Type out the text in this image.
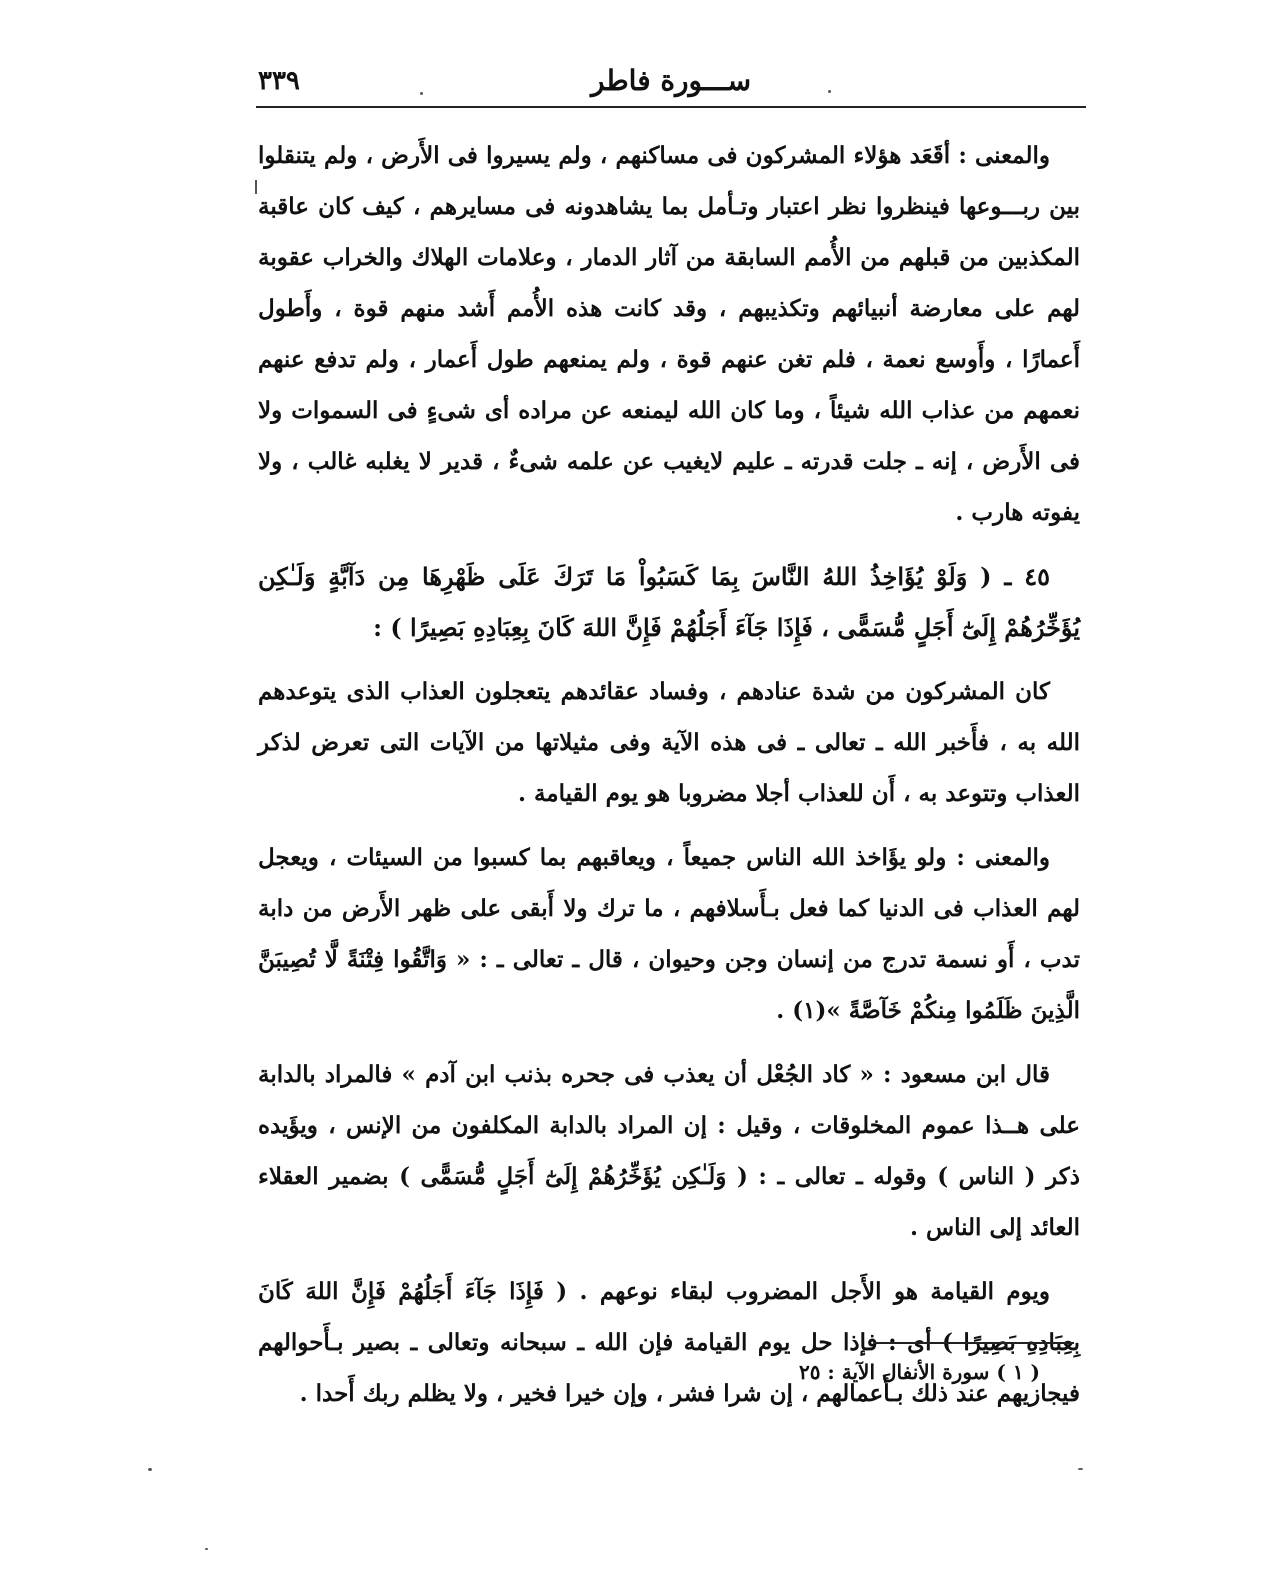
٣٣٩	ســـورة فاطر

والمعنى : أقَعَد هؤلاء المشركون فى مساكنهم ، ولم يسيروا فى الأَرض ، ولم يتنقلوا بين ربـــوعها فينظروا نظر اعتبار وتـأمل بما يشاهدونه فى مسايرهم ، كيف كان عاقبة المكذبين من قبلهم من الأُمم السابقة من آثار الدمار ، وعلامات الهلاك والخراب عقوبة لهم على معارضة أنبيائهم وتكذيبهم ، وقد كانت هذه الأُمم أَشد منهم قوة ، وأَطول أَعمارًا ، وأَوسع نعمة ، فلم تغن عنهم قوة ، ولم يمنعهم طول أَعمار ، ولم تدفع عنهم نعمهم من عذاب الله شيئاً ، وما كان الله ليمنعه عن مراده أى شىءٍ فى السموات ولا فى الأَرض ، إنه ـ جلت قدرته ـ عليم لايغيب عن علمه شىءٌ ، قدير لا يغلبه غالب ، ولا يفوته هارب .

٤٥ ـ ( وَلَوْ يُؤَاخِذُ اللهُ النَّاسَ بِمَا كَسَبُواْ مَا تَرَكَ عَلَى ظَهْرِهَا مِن دَآبَّةٍ وَلَـٰكِن يُؤَخِّرُهُمْ إِلَىٰٓ أَجَلٍ مُّسَمًّى ، فَإِذَا جَآءَ أَجَلُهُمْ فَإِنَّ اللهَ كَانَ بِعِبَادِهِ بَصِيرًا ) :

كان المشركون من شدة عنادهم ، وفساد عقائدهم يتعجلون العذاب الذى يتوعدهم الله به ، فأَخبر الله ـ تعالى ـ فى هذه الآية وفى مثيلاتها من الآيات التى تعرض لذكر العذاب وتتوعد به ، أَن للعذاب أجلا مضروبا هو يوم القيامة .

والمعنى : ولو يؤَاخذ الله الناس جميعاً ، ويعاقبهم بما كسبوا من السيئات ، ويعجل لهم العذاب فى الدنيا كما فعل بـأَسلافهم ، ما ترك ولا أَبقى على ظهر الأَرض من دابة تدب ، أَو نسمة تدرج من إنسان وجن وحيوان ، قال ـ تعالى ـ : « وَاتَّقُوا فِتْنَةً لَّا تُصِيبَنَّ الَّذِينَ ظَلَمُوا مِنكُمْ خَآصَّةً »(١) .

قال ابن مسعود : « كاد الجُعْل أن يعذب فى جحره بذنب ابن آدم » فالمراد بالدابة على هــذا عموم المخلوقات ، وقيل : إن المراد بالدابة المكلفون من الإنس ، ويؤَيده ذكر ( الناس ) وقوله ـ تعالى ـ : ( وَلَـٰكِن يُؤَخِّرُهُمْ إِلَىٰٓ أَجَلٍ مُّسَمًّى ) بضمير العقلاء العائد إلى الناس .

ويوم القيامة هو الأَجل المضروب لبقاء نوعهم . ( فَإِذَا جَآءَ أَجَلُهُمْ فَإِنَّ اللهَ كَانَ بِعِبَادِهِ بَصِيرًا ) أى : فإذا حل يوم القيامة فإن الله ـ سبحانه وتعالى ـ بصير بـأَحوالهم فيجازيهم عند ذلك بـأَعمالهم ، إن شرا فشر ، وإن خيرا فخير ، ولا يظلم ربك أَحدا .

( ١ ) سورة الأنفال الآية : ٢٥
